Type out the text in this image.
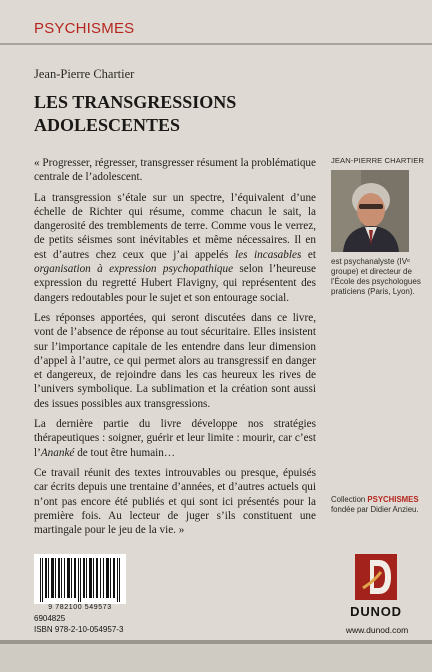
PSYCHISMES
Jean-Pierre Chartier
LES TRANSGRESSIONS
ADOLESCENTES

« Progresser, régresser, transgresser résument la problématique centrale de l’adolescent.

La transgression s’étale sur un spectre, l’équivalent d’une échelle de Richter qui résume, comme chacun le sait, la dangerosité des tremblements de terre. Comme vous le verrez, de petits séismes sont inévitables et même nécessaires. Il en est d’autres chez ceux que j’ai appelés les incasables et organisation à expression psychopathique selon l’heureuse expression du regretté Hubert Flavigny, qui représentent des dangers redoutables pour le sujet et son entourage social.

Les réponses apportées, qui seront discutées dans ce livre, vont de l’absence de réponse au tout sécuritaire. Elles insistent sur l’importance capitale de les entendre dans leur dimension d’appel à l’autre, ce qui permet alors au transgressif en danger et dangereux, de rejoindre dans les cas heureux les rives de l’univers symbolique. La sublimation et la création sont aussi des issues possibles aux transgressions.

La dernière partie du livre développe nos stratégies thérapeutiques : soigner, guérir et leur limite : mourir, car c’est l’Ananké de tout être humain…

Ce travail réunit des textes introuvables ou presque, épuisés car écrits depuis une trentaine d’années, et d’autres actuels qui n’ont pas encore été publiés et qui sont ici présentés pour la première fois. Au lecteur de juger s’ils constituent une martingale pour le jeu de la vie. »

JEAN-PIERRE CHARTIER
est psychanalyste (IVᵉ groupe) et directeur de l’École des psychologues praticiens (Paris, Lyon).
Collection PSYCHISMES
fondée par Didier Anzieu.
9 782100 549573
6904825
ISBN 978-2-10-054957-3
DUNOD
www.dunod.com
